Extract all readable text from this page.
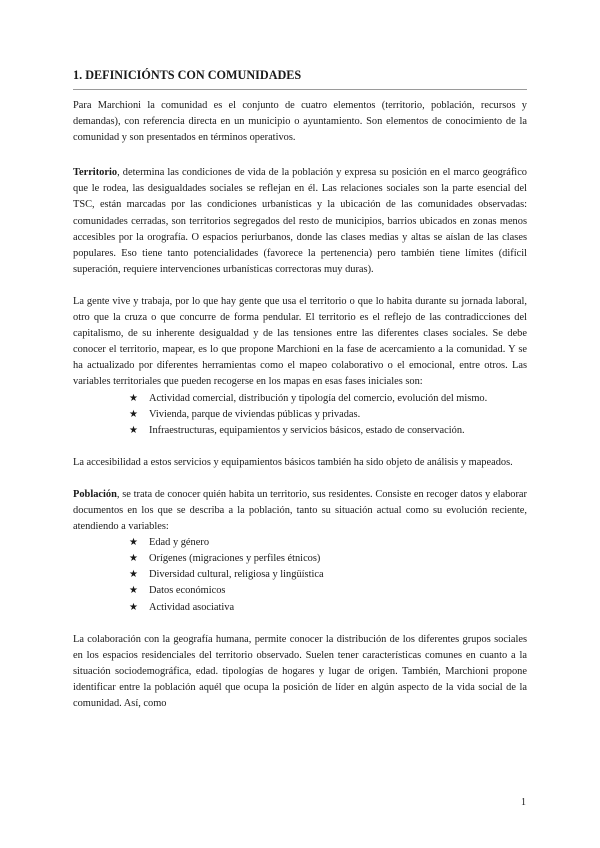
1. DEFINICIÓNTS CON COMUNIDADES

Para Marchioni la comunidad es el conjunto de cuatro elementos (territorio, población, recursos y demandas), con referencia directa en un municipio o ayuntamiento. Son elementos de conocimiento de la comunidad y son presentados en términos operativos.

Territorio, determina las condiciones de vida de la población y expresa su posición en el marco geográfico que le rodea, las desigualdades sociales se reflejan en él. Las relaciones sociales son la parte esencial del TSC, están marcadas por las condiciones urbanísticas y la ubicación de las comunidades observadas: comunidades cerradas, son territorios segregados del resto de municipios, barrios ubicados en zonas menos accesibles por la orografía. O espacios periurbanos, donde las clases medias y altas se aíslan de las clases populares. Eso tiene tanto potencialidades (favorece la pertenencia) pero también tiene límites (difícil superación, requiere intervenciones urbanísticas correctoras muy duras).

La gente vive y trabaja, por lo que hay gente que usa el territorio o que lo habita durante su jornada laboral, otro que la cruza o que concurre de forma pendular. El territorio es el reflejo de las contradicciones del capitalismo, de su inherente desigualdad y de las tensiones entre las diferentes clases sociales. Se debe conocer el territorio, mapear, es lo que propone Marchioni en la fase de acercamiento a la comunidad. Y se ha actualizado por diferentes herramientas como el mapeo colaborativo o el emocional, entre otros. Las variables territoriales que pueden recogerse en los mapas en esas fases iniciales son:

★ Actividad comercial, distribución y tipología del comercio, evolución del mismo.
★ Vivienda, parque de viviendas públicas y privadas.
★ Infraestructuras, equipamientos y servicios básicos, estado de conservación.

La accesibilidad a estos servicios y equipamientos básicos también ha sido objeto de análisis y mapeados.

Población, se trata de conocer quién habita un territorio, sus residentes. Consiste en recoger datos y elaborar documentos en los que se describa a la población, tanto su situación actual como su evolución reciente, atendiendo a variables:

★ Edad y género
★ Orígenes (migraciones y perfiles étnicos)
★ Diversidad cultural, religiosa y lingüística
★ Datos económicos
★ Actividad asociativa

La colaboración con la geografía humana, permite conocer la distribución de los diferentes grupos sociales en los espacios residenciales del territorio observado. Suelen tener características comunes en cuanto a la situación sociodemográfica, edad. tipologías de hogares y lugar de origen. También, Marchioni propone identificar entre la población aquél que ocupa la posición de líder en algún aspecto de la vida social de la comunidad. Así, como

1
